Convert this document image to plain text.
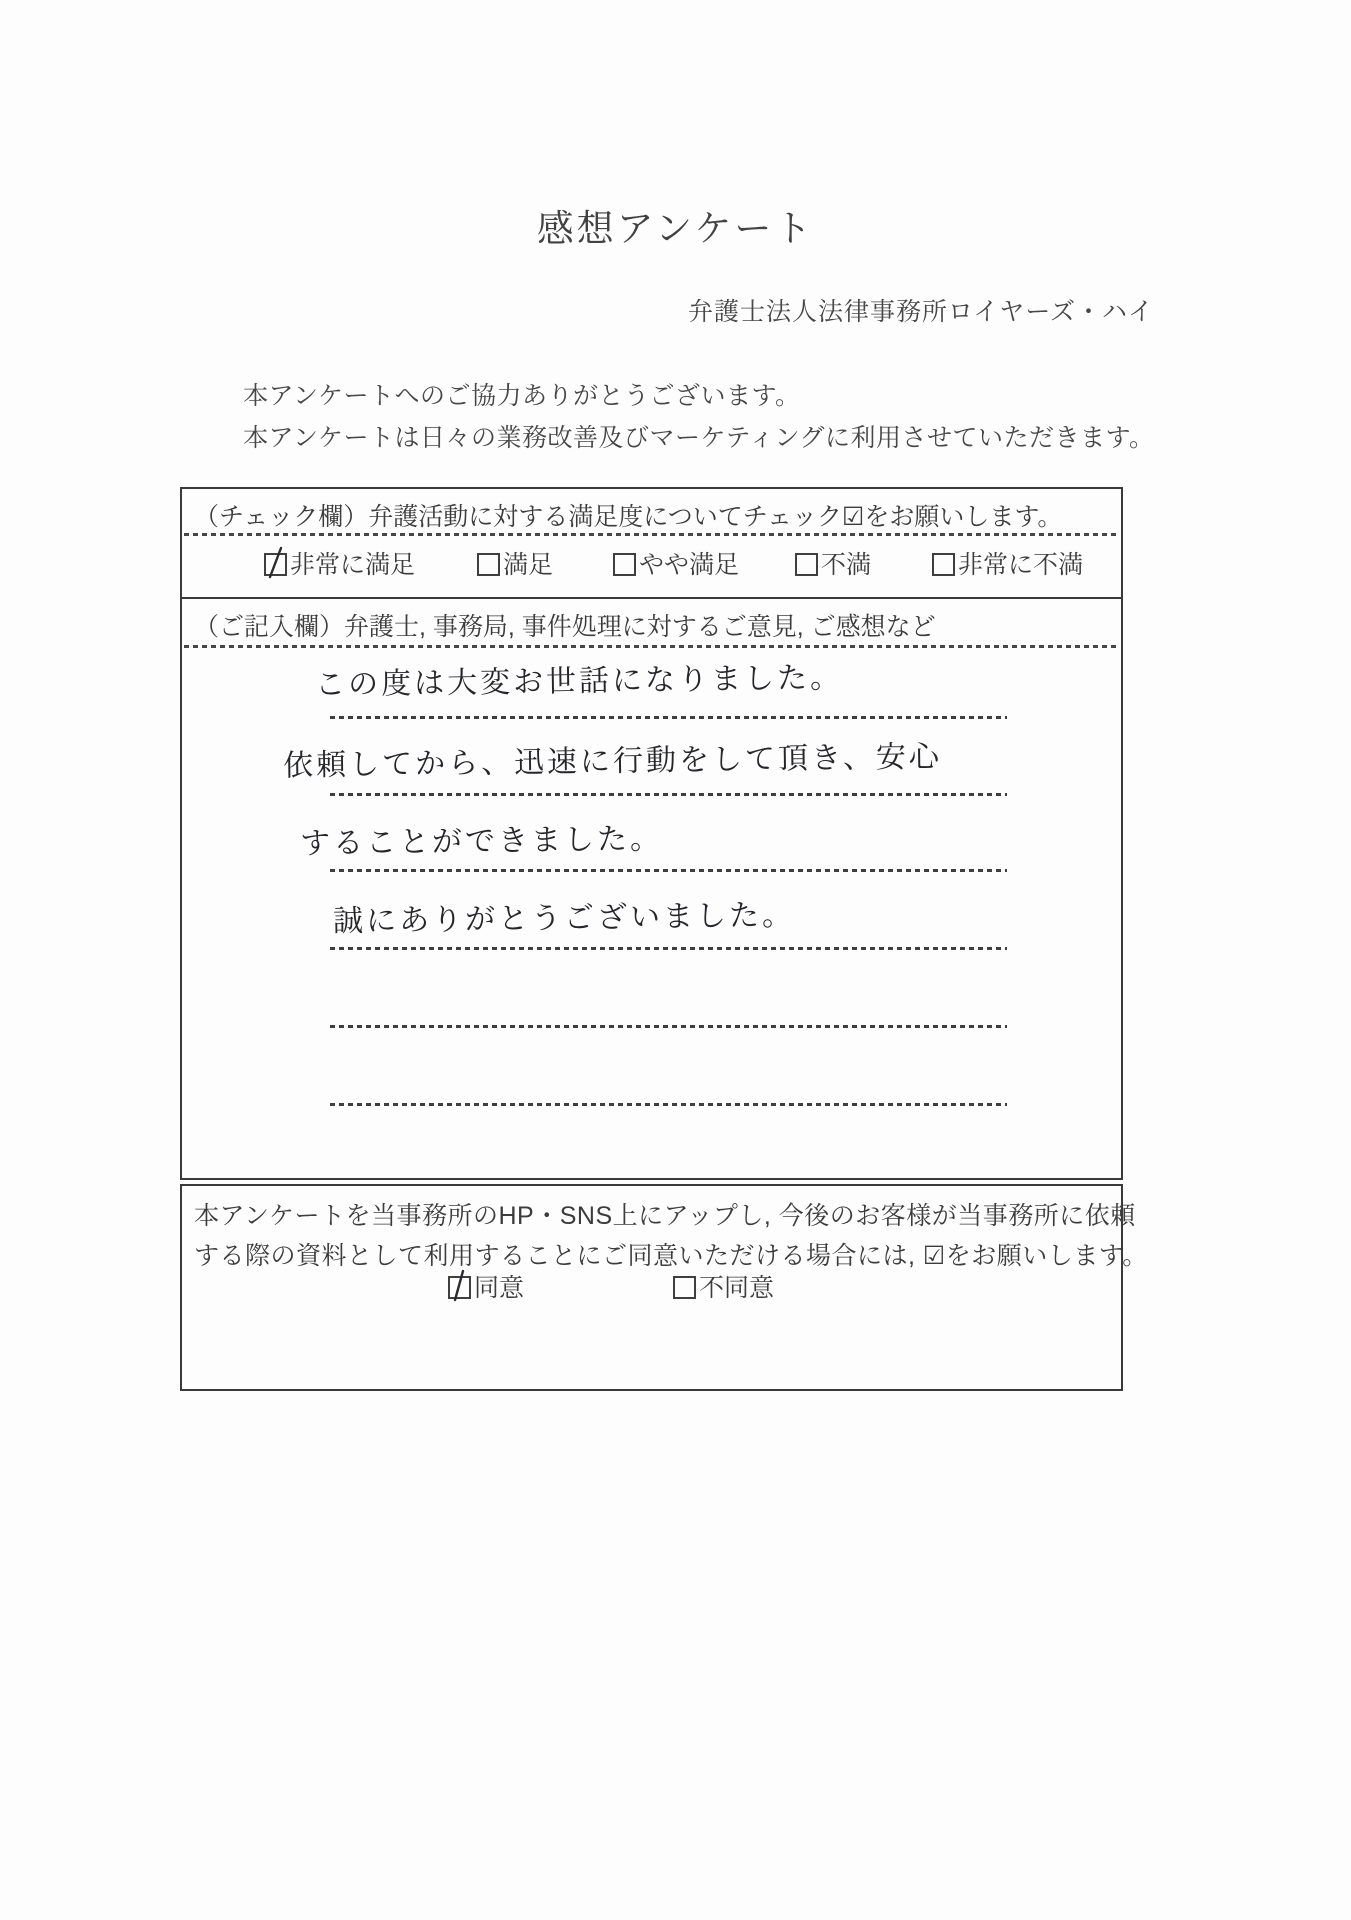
感想アンケート
弁護士法人法律事務所ロイヤーズ・ハイ
本アンケートへのご協力ありがとうございます。
本アンケートは日々の業務改善及びマーケティングに利用させていただきます。
（チェック欄）弁護活動に対する満足度についてチェック☑をお願いします。
非常に満足	満足	やや満足	不満	非常に不満
（ご記入欄）弁護士, 事務局, 事件処理に対するご意見, ご感想など
この度は大変お世話になりました。
依頼してから、迅速に行動をして頂き、安心
することができました。
誠にありがとうございました。
本アンケートを当事務所のHP・SNS上にアップし, 今後のお客様が当事務所に依頼
する際の資料として利用することにご同意いただける場合には, ☑をお願いします。
同意	不同意
